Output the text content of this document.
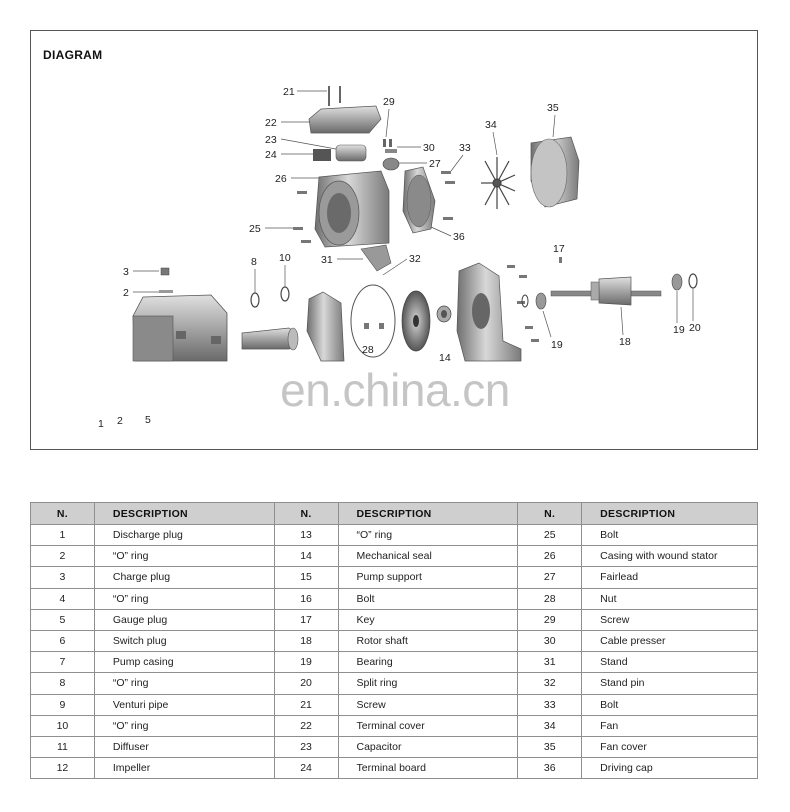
DIAGRAM
21
22
23
24
26
25
31
29
30
27
33
36
34
35
32
17
18
19
19 20
3
2
8 10
28
14
1 2 5
en.china.cn
N.	DESCRIPTION	N.	DESCRIPTION	N.	DESCRIPTION
1	Discharge plug	13	“O” ring	25	Bolt
2	“O” ring	14	Mechanical seal	26	Casing with wound stator
3	Charge plug	15	Pump support	27	Fairlead
4	“O” ring	16	Bolt	28	Nut
5	Gauge plug	17	Key	29	Screw
6	Switch plug	18	Rotor shaft	30	Cable presser
7	Pump casing	19	Bearing	31	Stand
8	“O” ring	20	Split ring	32	Stand pin
9	Venturi pipe	21	Screw	33	Bolt
10	“O” ring	22	Terminal cover	34	Fan
11	Diffuser	23	Capacitor	35	Fan cover
12	Impeller	24	Terminal board	36	Driving cap
